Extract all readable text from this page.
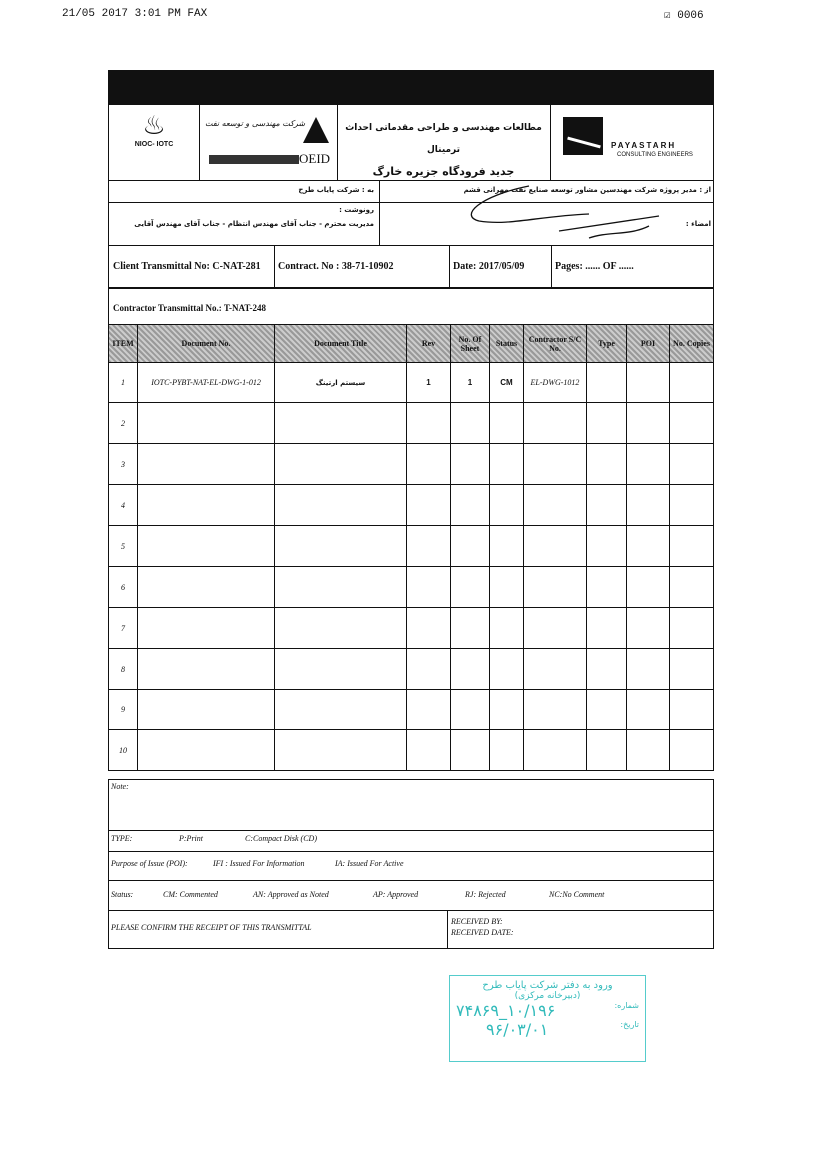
21/05 2017 3:01 PM FAX	☑ 0006
♨
NIOC- IOTC
شرکت مهندسی و توسعه نفت
OEID
مطالعات مهندسی و طراحی مقدماتی احداث ترمینال
جدید فرودگاه جزیره خارگ
PAYASTARH
CONSULTING ENGINEERS
به : شرکت پایاب طرح	از : مدیر پروژه شرکت مهندسین مشاور توسعه صنایع نفت مهرانی قشم
رونوشت :
مدیریت محترم - جناب آقای مهندس انتظام - جناب آقای مهندس آقایی	امضاء :
Client Transmittal No: C-NAT-281 Contract. No : 38-71-10902	Date: 2017/05/09	Pages: ...... OF ......
Contractor Transmittal No.: T-NAT-248
ITEM	Document No.	Document Title	Rev	No. Of Sheet	Status	Contractor S/C No.	Type	POI	No. Copies
1	IOTC-PYBT-NAT-EL-DWG-1-012	سیستم ارتینگ	1	1	CM	EL-DWG-1012
2
3
4
5
6
7
8
9
10
Note:
TYPE:	P:Print	C:Compact Disk (CD)
Purpose of Issue (POI):	IFI : Issued For Information	IA: Issued For Active
Status:	CM: Commented	AN: Approved as Noted	AP: Approved	RJ: Rejected	NC:No Comment
PLEASE CONFIRM THE RECEIPT OF THIS TRANSMITTAL
RECEIVED BY:
RECEIVED DATE:
ورود به دفتر شرکت پایاب طرح
(دبیرخانه مرکزی)
شماره:
۱۰/۱۹۶_۷۴۸۶۹
تاریخ:
۹۶/۰۳/۰۱
